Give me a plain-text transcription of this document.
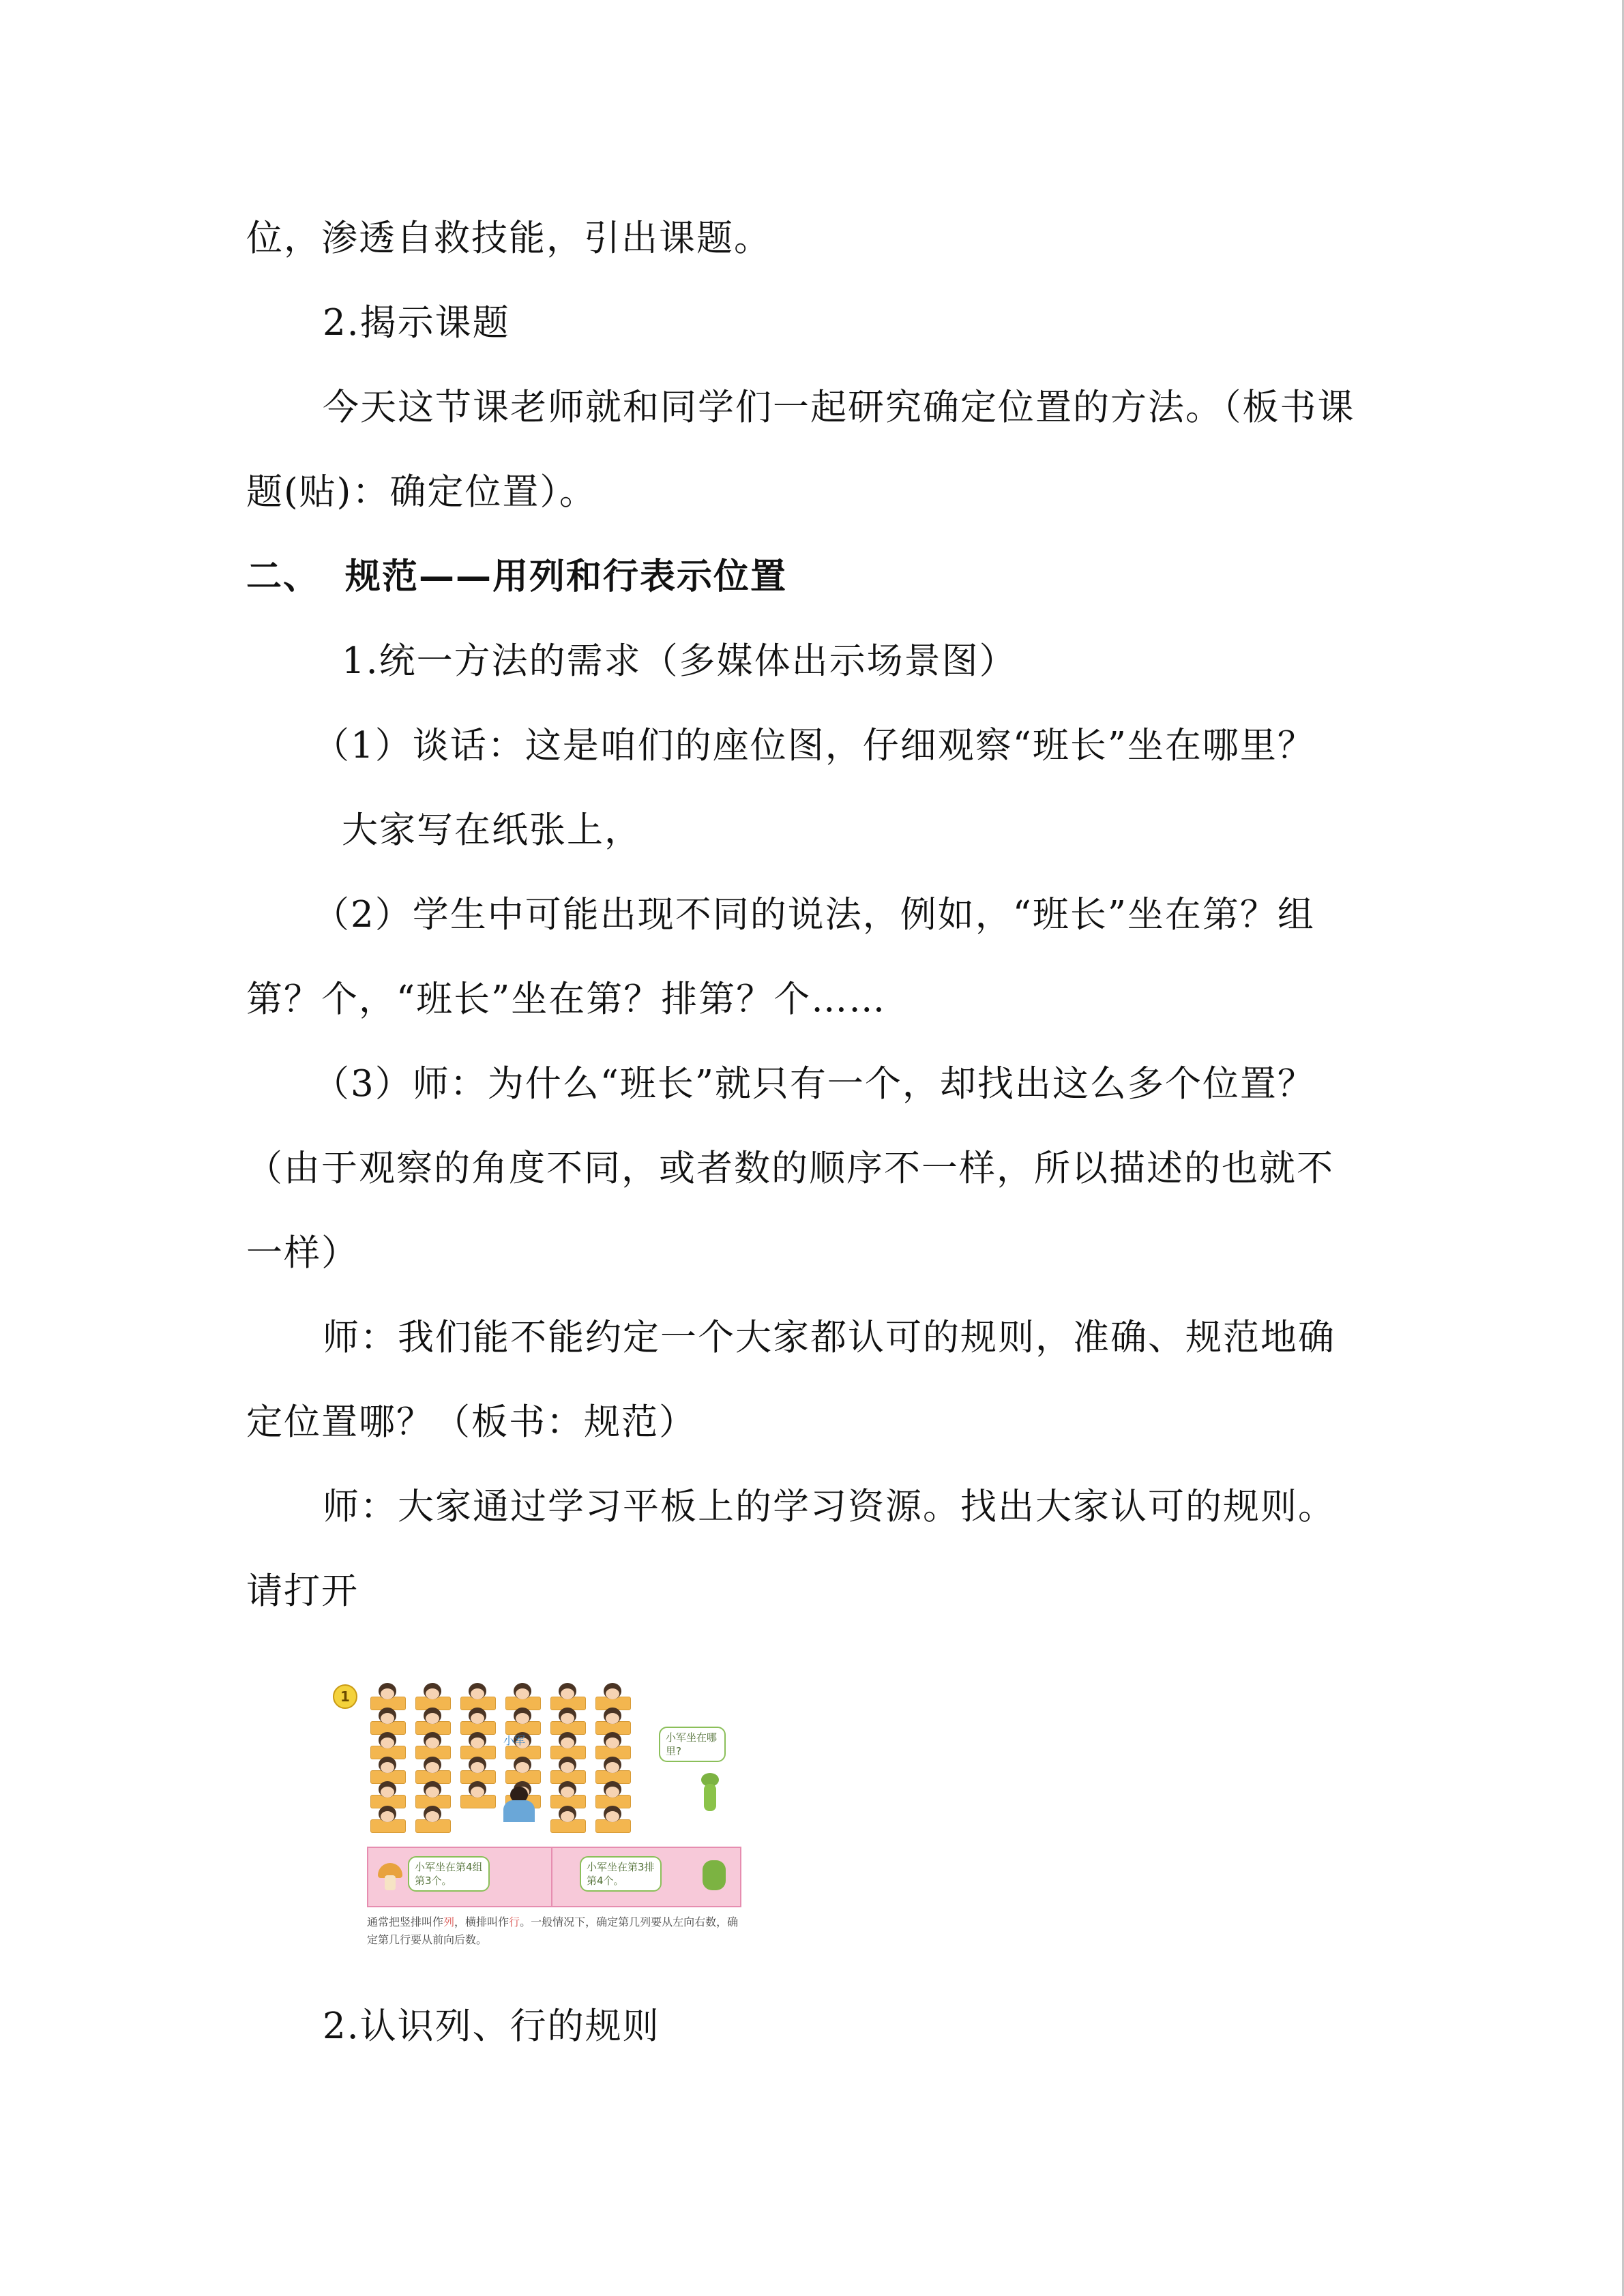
位，渗透自救技能，引出课题。
2.揭示课题
今天这节课老师就和同学们一起研究确定位置的方法。（板书课
题(贴)：确定位置）。
二、 规范——用列和行表示位置
1.统一方法的需求（多媒体出示场景图）
（1）谈话：这是咱们的座位图，仔细观察“班长”坐在哪里？
大家写在纸张上，
（2）学生中可能出现不同的说法，例如，“班长”坐在第？组
第？个，“班长”坐在第？排第？个……
（3）师：为什么“班长”就只有一个，却找出这么多个位置？
（由于观察的角度不同，或者数的顺序不一样，所以描述的也就不
一样）
师：我们能不能约定一个大家都认可的规则，准确、规范地确
定位置哪？（板书：规范）
师：大家通过学习平板上的学习资源。找出大家认可的规则。
请打开
1
小军	小军坐在哪里?
小军坐在第4组第3个。
小军坐在第3排第4个。
通常把竖排叫作列，横排叫作行。一般情况下，确定第几列要从左向右数，确定第几行要从前向后数。
2.认识列、行的规则
